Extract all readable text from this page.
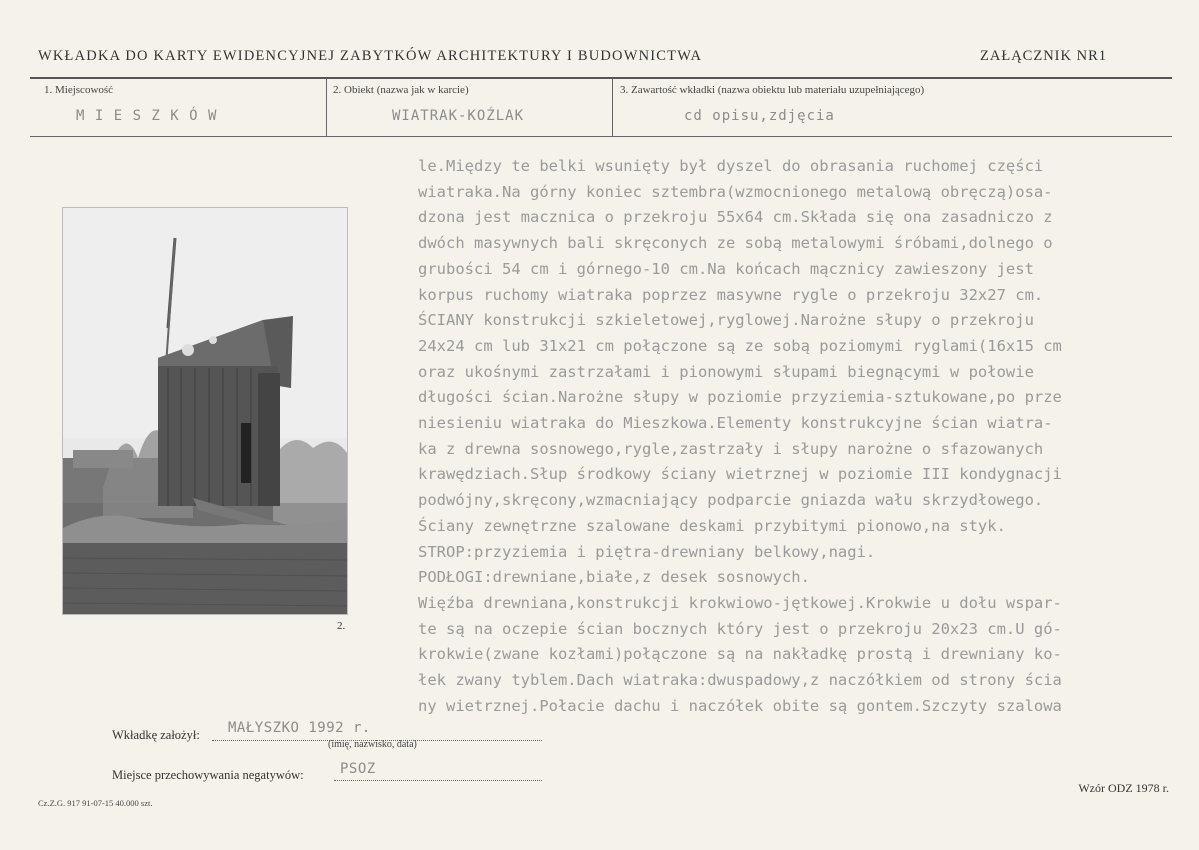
WKŁADKA DO KARTY EWIDENCYJNEJ ZABYTKÓW ARCHITEKTURY I BUDOWNICTWA	ZAŁĄCZNIK NR1
1. Miejscowość
M I E S Z K Ó W
2. Obiekt (nazwa jak w karcie)
WIATRAK-KOŹLAK
3. Zawartość wkładki (nazwa obiektu lub materiału uzupełniającego)
cd opisu,zdjęcia
2.
le.Między te belki wsunięty był dyszel do obrasania ruchomej części
wiatraka.Na górny koniec sztembra(wzmocnionego metalową obręczą)osa-
dzona jest macznica o przekroju 55x64 cm.Składa się ona zasadniczo z
dwóch masywnych bali skręconych ze sobą metalowymi śróbami,dolnego o
grubości 54 cm i górnego-10 cm.Na końcach mącznicy zawieszony jest
korpus ruchomy wiatraka poprzez masywne rygle o przekroju 32x27 cm.
ŚCIANY konstrukcji szkieletowej,ryglowej.Narożne słupy o przekroju
24x24 cm lub 31x21 cm połączone są ze sobą poziomymi ryglami(16x15 cm
oraz ukośnymi zastrzałami i pionowymi słupami biegnącymi w połowie
długości ścian.Narożne słupy w poziomie przyziemia-sztukowane,po prze
niesieniu wiatraka do Mieszkowa.Elementy konstrukcyjne ścian wiatra-
ka z drewna sosnowego,rygle,zastrzały i słupy narożne o sfazowanych
krawędziach.Słup środkowy ściany wietrznej w poziomie III kondygnacji
podwójny,skręcony,wzmacniający podparcie gniazda wału skrzydłowego.
Ściany zewnętrzne szalowane deskami przybitymi pionowo,na styk.
STROP:przyziemia i piętra-drewniany belkowy,nagi.
PODŁOGI:drewniane,białe,z desek sosnowych.
Więźba drewniana,konstrukcji krokwiowo-jętkowej.Krokwie u dołu wspar-
te są na oczepie ścian bocznych który jest o przekroju 20x23 cm.U gó-
krokwie(zwane kozłami)połączone są na nakładkę prostą i drewniany ko-
łek zwany tyblem.Dach wiatraka:dwuspadowy,z naczółkiem od strony ścia
ny wietrznej.Połacie dachu i naczółek obite są gontem.Szczyty szalowa
Wkładkę założył: MAŁYSZKO 1992 r.
(imię, nazwisko, data)
Miejsce przechowywania negatywów:	PSOZ
Cz.Z.G. 917 91-07-15 40.000 szt.
Wzór ODZ 1978 r.
